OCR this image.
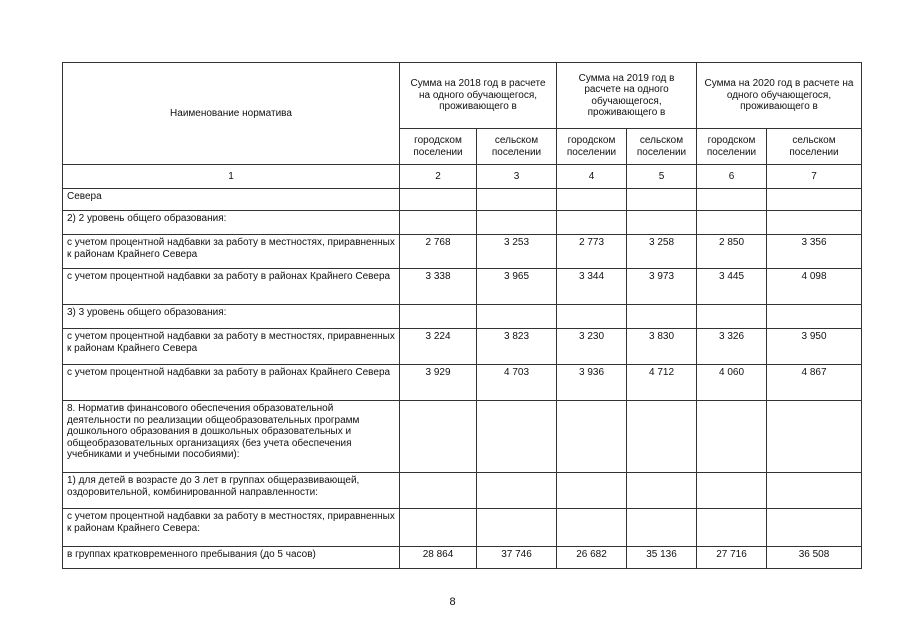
Наименование норматива	Сумма на 2018 год в расчете на одного обучающегося, проживающего в		Сумма на 2019 год в расчете на одного обучающегося, проживающего в		Сумма на 2020 год в расчете на одного обучающегося, проживающего в	
	городском поселении	сельском поселении	городском поселении	сельском поселении	городском поселении	сельском поселении
1	2	3	4	5	6	7
Севера						
2) 2 уровень общего образования:						
с учетом процентной надбавки за работу в местностях, приравненных к районам Крайнего Севера	2 768	3 253	2 773	3 258	2 850	3 356
с учетом процентной надбавки за работу в районах Крайнего Севера	3 338	3 965	3 344	3 973	3 445	4 098
3) 3 уровень общего образования:						
с учетом процентной надбавки за работу в местностях, приравненных к районам Крайнего Севера	3 224	3 823	3 230	3 830	3 326	3 950
с учетом процентной надбавки за работу в районах Крайнего Севера	3 929	4 703	3 936	4 712	4 060	4 867
8. Норматив финансового обеспечения образовательной деятельности по реализации общеобразовательных программ дошкольного образования в дошкольных образовательных и общеобразовательных организациях (без учета обеспечения учебниками и учебными пособиями):						
1) для детей в возрасте до 3 лет в группах общеразвивающей, оздоровительной, комбинированной направленности:						
с учетом процентной надбавки за работу в местностях, приравненных к районам Крайнего Севера:						
в группах кратковременного пребывания (до 5 часов)	28 864	37 746	26 682	35 136	27 716	36 508
8
